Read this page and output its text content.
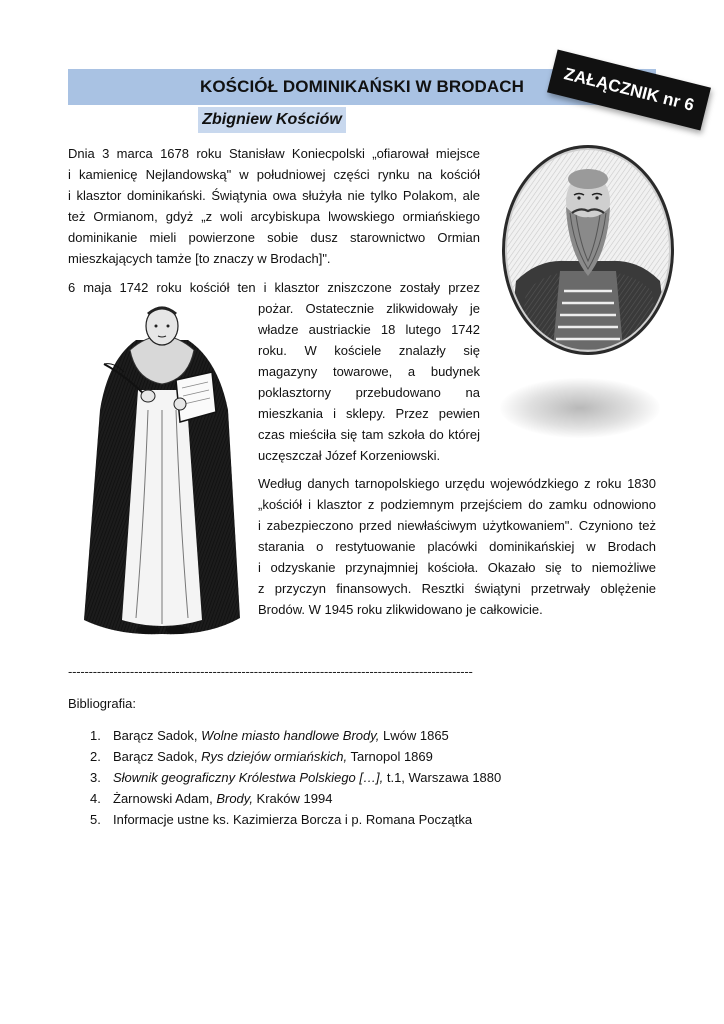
KOŚCIÓŁ DOMINIKAŃSKI W BRODACH
Zbigniew Kościów
ZAŁĄCZNIK nr 6
Dnia 3 marca 1678 roku Stanisław Koniecpolski „ofiarował miejsce
i kamienicę Nejlandowską" w południowej części rynku na kościół
i klasztor dominikański. Świątynia owa służyła nie tylko Polakom, ale
też Ormianom, gdyż „z woli arcybiskupa lwowskiego ormiańskiego
dominikanie mieli powierzone sobie dusz starownictwo Ormian
mieszkających tamże [to znaczy w Brodach]".
6 maja 1742 roku kościół ten i klasztor zniszczone zostały przez
pożar. Ostatecznie zlikwidowały je
władze austriackie 18 lutego 1742
roku. W kościele znalazły się
magazyny towarowe, a budynek
poklasztorny przebudowano na
mieszkania i sklepy. Przez pewien
czas mieściła się tam szkoła do której
uczęszczał Józef Korzeniowski.
Według danych tarnopolskiego urzędu wojewódzkiego z roku 1830
„kościół i klasztor z podziemnym przejściem do zamku odnowiono
i zabezpieczono przed niewłaściwym użytkowaniem". Czyniono też
starania o restytuowanie placówki dominikańskiej w Brodach
i odzyskanie przynajmniej kościoła. Okazało się to niemożliwe
z przyczyn finansowych. Resztki świątyni przetrwały oblężenie
Brodów. W 1945 roku zlikwidowano je całkowicie.
--------------------------------------------------------------------------------------------------
Bibliografia:
1. Barącz Sadok, Wolne miasto handlowe Brody, Lwów 1865
2. Barącz Sadok, Rys dziejów ormiańskich, Tarnopol 1869
3. Słownik geograficzny Królestwa Polskiego […], t.1, Warszawa 1880
4. Żarnowski Adam, Brody, Kraków 1994
5. Informacje ustne ks. Kazimierza Borcza i p. Romana Początka
